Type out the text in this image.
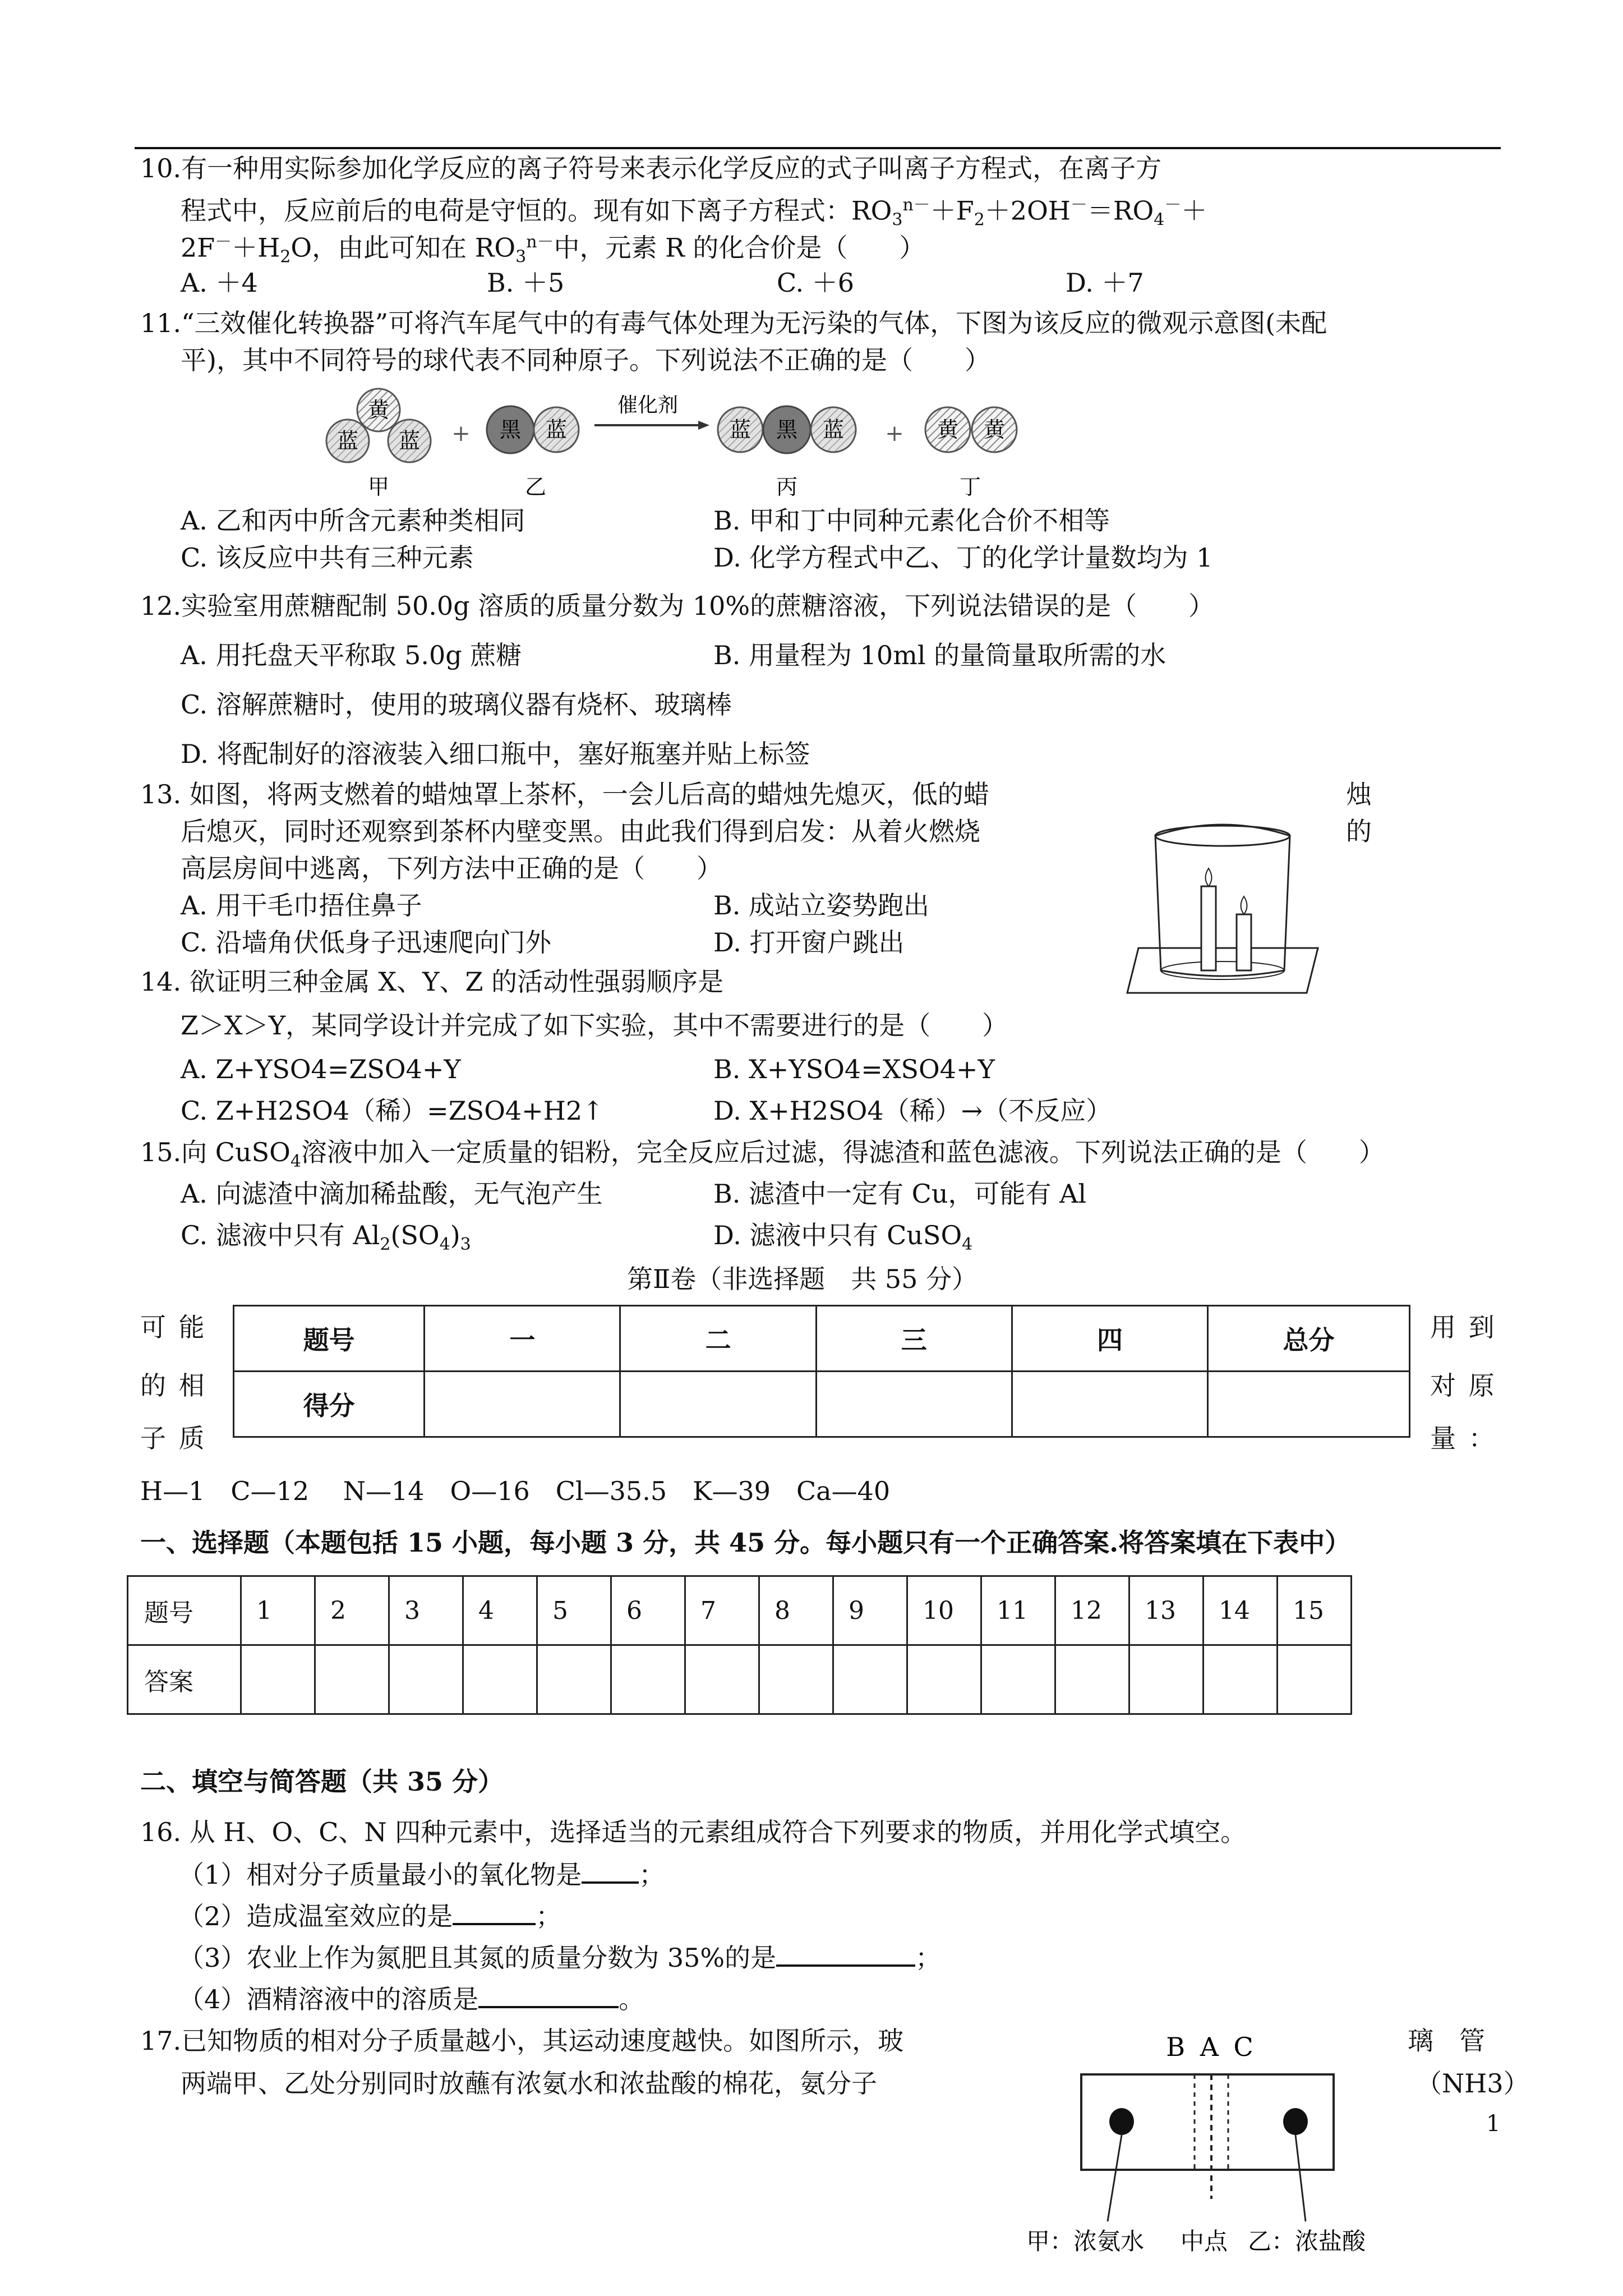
10.有一种用实际参加化学反应的离子符号来表示化学反应的式子叫离子方程式，在离子方
程式中，反应前后的电荷是守恒的。现有如下离子方程式：$RO_3^{n-}+F_2+2OH^-=RO_4^-+$
$2F^-+H_2O$，由此可知在 $RO_3^{n-}$中，元素 R 的化合价是（　　）
A. ＋4	B. ＋5	C. ＋6	D. ＋7
11.“三效催化转换器”可将汽车尾气中的有毒气体处理为无污染的气体，下图为该反应的微观示意图(未配
平)，其中不同符号的球代表不同种原子。下列说法不正确的是（　　）
黄
蓝 蓝 + 黑 蓝
催化剂
蓝 黑 蓝 + 黄 黄
甲	乙	丙	丁
A. 乙和丙中所含元素种类相同	B. 甲和丁中同种元素化合价不相等
C. 该反应中共有三种元素	D. 化学方程式中乙、丁的化学计量数均为 1
12.实验室用蔗糖配制 50.0g 溶质的质量分数为 10%的蔗糖溶液，下列说法错误的是（　　）
A. 用托盘天平称取 5.0g 蔗糖	B. 用量程为 10ml 的量筒量取所需的水
C. 溶解蔗糖时，使用的玻璃仪器有烧杯、玻璃棒
D. 将配制好的溶液装入细口瓶中，塞好瓶塞并贴上标签
13. 如图，将两支燃着的蜡烛罩上茶杯，一会儿后高的蜡烛先熄灭，低的蜡	烛
后熄灭，同时还观察到茶杯内壁变黑。由此我们得到启发：从着火燃烧	的
高层房间中逃离，下列方法中正确的是（　　）
A. 用干毛巾捂住鼻子	B. 成站立姿势跑出
C. 沿墙角伏低身子迅速爬向门外	D. 打开窗户跳出
14. 欲证明三种金属 X、Y、Z 的活动性强弱顺序是
Z＞X＞Y，某同学设计并完成了如下实验，其中不需要进行的是（　　）
A. Z+YSO4=ZSO4+Y	B. X+YSO4=XSO4+Y
C. Z+H2SO4（稀）=ZSO4+H2↑	D. X+H2SO4（稀）→（不反应）
15.向 CuSO$_4$溶液中加入一定质量的铝粉，完全反应后过滤，得滤渣和蓝色滤液。下列说法正确的是（　　）
A. 向滤渣中滴加稀盐酸，无气泡产生	B. 滤渣中一定有 Cu，可能有 Al
C. 滤液中只有 $Al_2(SO_4)_3$	D. 滤液中只有 CuSO$_4$
第Ⅱ卷（非选择题　共 55 分）
可 能
的 相
子 质
用 到
对 原
量 ：
题号	一	二	三	四	总分
得分					
H—1　C—12　 N—14　O—16　Cl—35.5　K—39　Ca—40
一、选择题（本题包括 15 小题，每小题 3 分，共 45 分。每小题只有一个正确答案.将答案填在下表中）
题号	1	2	3	4	5	6	7	8	9	10	11	12	13	14	15
答案															
二、填空与简答题（共 35 分）
16. 从 H、O、C、N 四种元素中，选择适当的元素组成符合下列要求的物质，并用化学式填空。
（1）相对分子质量最小的氧化物是 ；
（2）造成温室效应的是	；
（3）农业上作为氮肥且其氮的质量分数为 35%的是	；
（4）酒精溶液中的溶质是	。
17.已知物质的相对分子质量越小，其运动速度越快。如图所示，玻	璃　管
两端甲、乙处分别同时放蘸有浓氨水和浓盐酸的棉花，氨分子	（NH3）
B A C
甲：浓氨水 中点 乙：浓盐酸
1
